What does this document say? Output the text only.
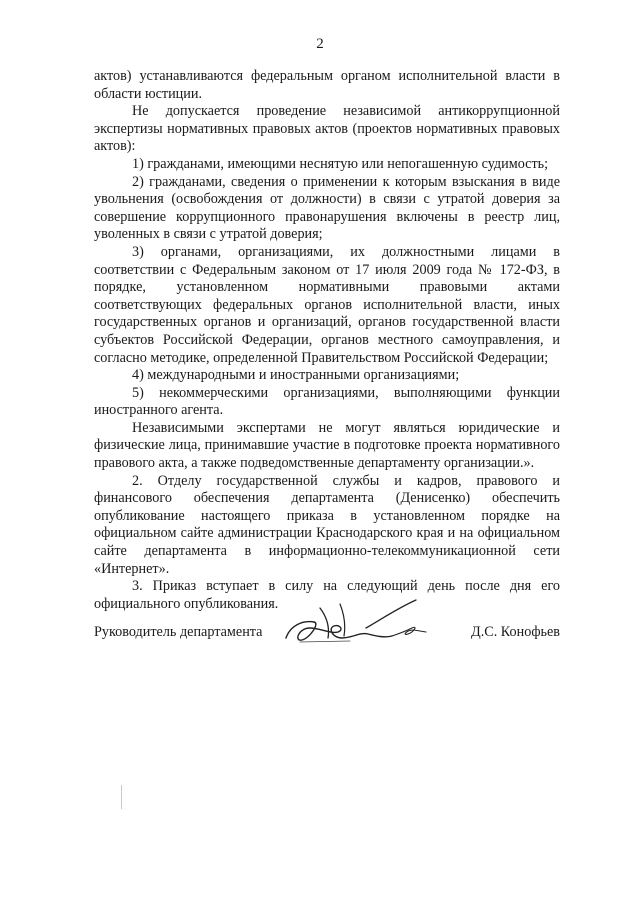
2

актов) устанавливаются федеральным органом исполнительной власти в области юстиции.

Не допускается проведение независимой антикоррупционной экспертизы нормативных правовых актов (проектов нормативных правовых актов):

1) гражданами, имеющими неснятую или непогашенную судимость;

2) гражданами, сведения о применении к которым взыскания в виде увольнения (освобождения от должности) в связи с утратой доверия за совершение коррупционного правонарушения включены в реестр лиц, уволенных в связи с утратой доверия;

3) органами, организациями, их должностными лицами в соответствии с Федеральным законом от 17 июля 2009 года № 172-ФЗ, в порядке, установленном нормативными правовыми актами соответствующих федеральных органов исполнительной власти, иных государственных органов и организаций, органов государственной власти субъектов Российской Федерации, органов местного самоуправления, и согласно методике, определенной Правительством Российской Федерации;

4) международными и иностранными организациями;

5) некоммерческими организациями, выполняющими функции иностранного агента.

Независимыми экспертами не могут являться юридические и физические лица, принимавшие участие в подготовке проекта нормативного правового акта, а также подведомственные департаменту организации.».

2. Отделу государственной службы и кадров, правового и финансового обеспечения департамента (Денисенко) обеспечить опубликование настоящего приказа в установленном порядке на официальном сайте администрации Краснодарского края и на официальном сайте департамента в информационно-телекоммуникационной сети «Интернет».

3. Приказ вступает в силу на следующий день после дня его официального опубликования.

Руководитель департамента	Д.С. Конофьев
